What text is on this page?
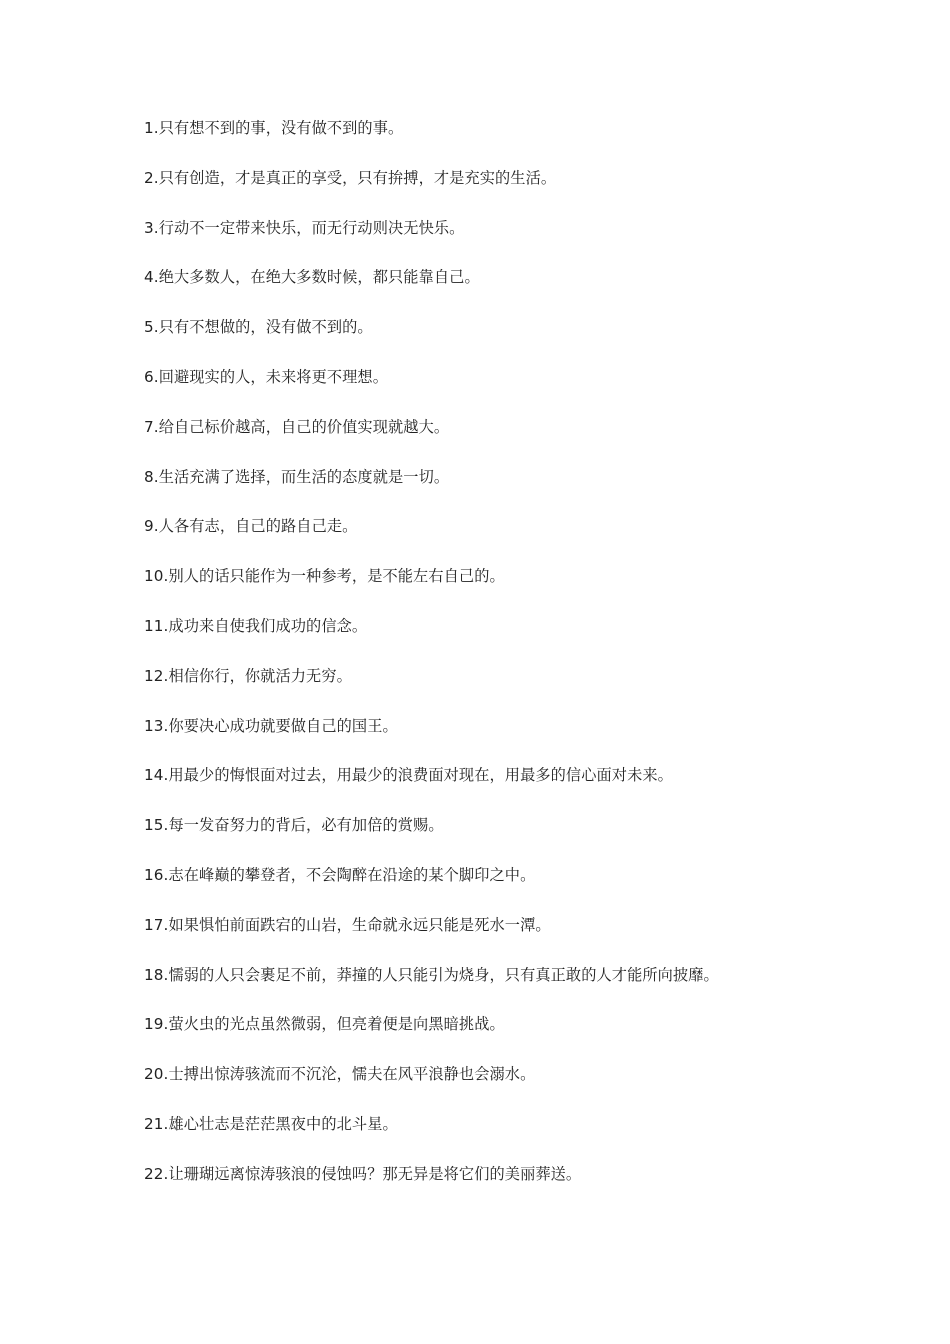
1.只有想不到的事，没有做不到的事。
2.只有创造，才是真正的享受，只有拚搏，才是充实的生活。
3.行动不一定带来快乐，而无行动则决无快乐。
4.绝大多数人，在绝大多数时候，都只能靠自己。
5.只有不想做的，没有做不到的。
6.回避现实的人，未来将更不理想。
7.给自己标价越高，自己的价值实现就越大。
8.生活充满了选择，而生活的态度就是一切。
9.人各有志，自己的路自己走。
10.别人的话只能作为一种参考，是不能左右自己的。
11.成功来自使我们成功的信念。
12.相信你行，你就活力无穷。
13.你要决心成功就要做自己的国王。
14.用最少的悔恨面对过去，用最少的浪费面对现在，用最多的信心面对未来。
15.每一发奋努力的背后，必有加倍的赏赐。
16.志在峰巅的攀登者，不会陶醉在沿途的某个脚印之中。
17.如果惧怕前面跌宕的山岩，生命就永远只能是死水一潭。
18.懦弱的人只会裹足不前，莽撞的人只能引为烧身，只有真正敢的人才能所向披靡。
19.萤火虫的光点虽然微弱，但亮着便是向黑暗挑战。
20.士搏出惊涛骇流而不沉沦，懦夫在风平浪静也会溺水。
21.雄心壮志是茫茫黑夜中的北斗星。
22.让珊瑚远离惊涛骇浪的侵蚀吗？那无异是将它们的美丽葬送。
